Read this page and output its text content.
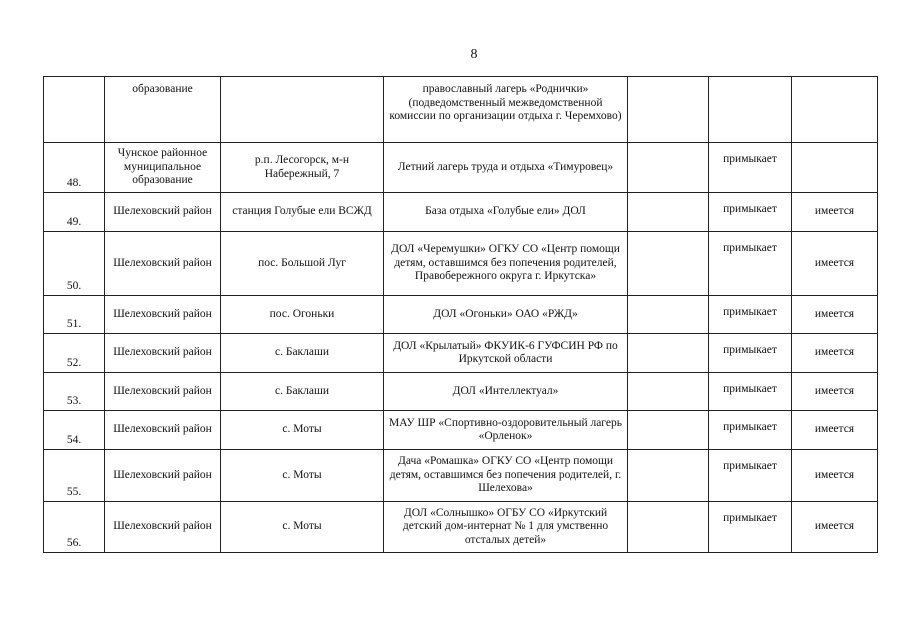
8
	образование		православный лагерь «Роднички» (подведомственный межведомственной комиссии по организации отдыха г. Черемхово)			
48.	Чунское районное муниципальное образование	р.п. Лесогорск, м-н Набережный, 7	Летний лагерь труда и отдыха «Тимуровец»		примыкает	
49.	Шелеховский район	станция Голубые ели ВСЖД	База отдыха «Голубые ели» ДОЛ		примыкает	имеется
50.	Шелеховский район	пос. Большой Луг	ДОЛ «Черемушки» ОГКУ СО «Центр помощи детям, оставшимся без попечения родителей, Правобережного округа г. Иркутска»		примыкает	имеется
51.	Шелеховский район	пос. Огоньки	ДОЛ «Огоньки» ОАО «РЖД»		примыкает	имеется
52.	Шелеховский район	с. Баклаши	ДОЛ «Крылатый» ФКУИК-6 ГУФСИН РФ по Иркутской области		примыкает	имеется
53.	Шелеховский район	с. Баклаши	ДОЛ «Интеллектуал»		примыкает	имеется
54.	Шелеховский район	с. Моты	МАУ ШР «Спортивно-оздоровительный лагерь «Орленок»		примыкает	имеется
55.	Шелеховский район	с. Моты	Дача «Ромашка» ОГКУ СО «Центр помощи детям, оставшимся без попечения родителей, г. Шелехова»		примыкает	имеется
56.	Шелеховский район	с. Моты	ДОЛ «Солнышко» ОГБУ СО «Иркутский детский дом-интернат № 1 для умственно отсталых детей»		примыкает	имеется
